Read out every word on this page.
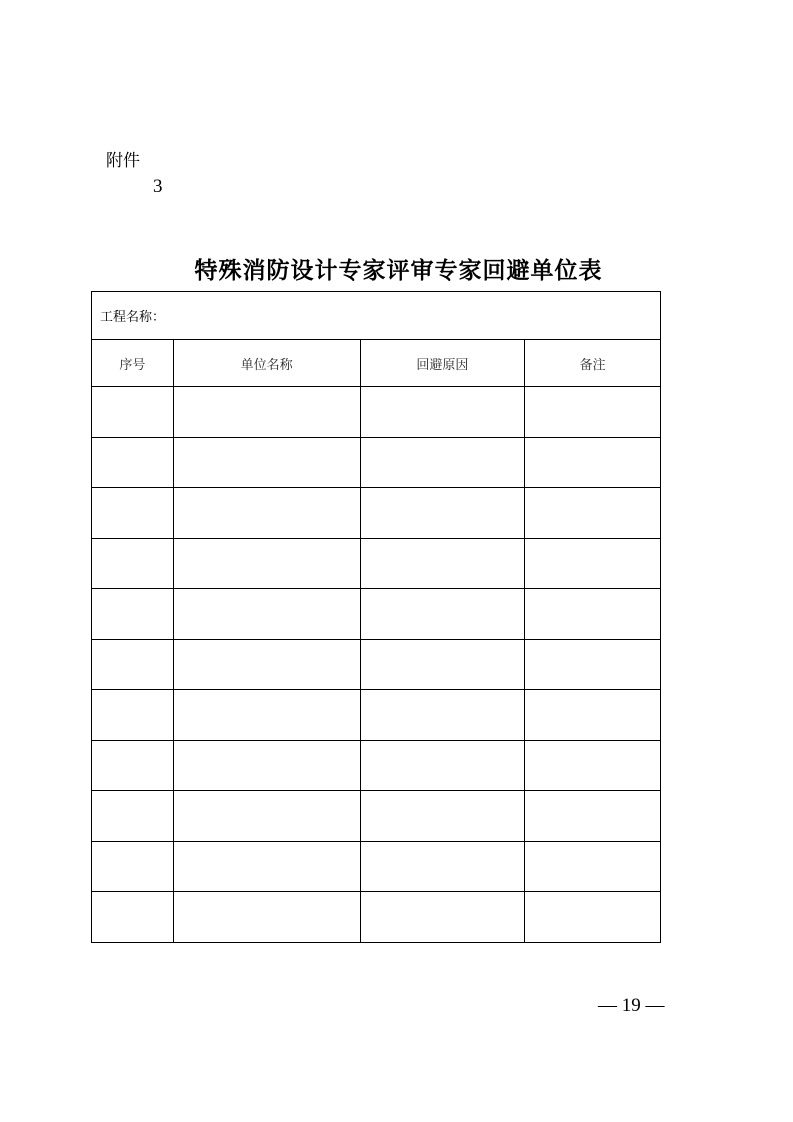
附件
3
特殊消防设计专家评审专家回避单位表
工程名称：			
序号	单位名称	回避原因	备注

— 19 —
